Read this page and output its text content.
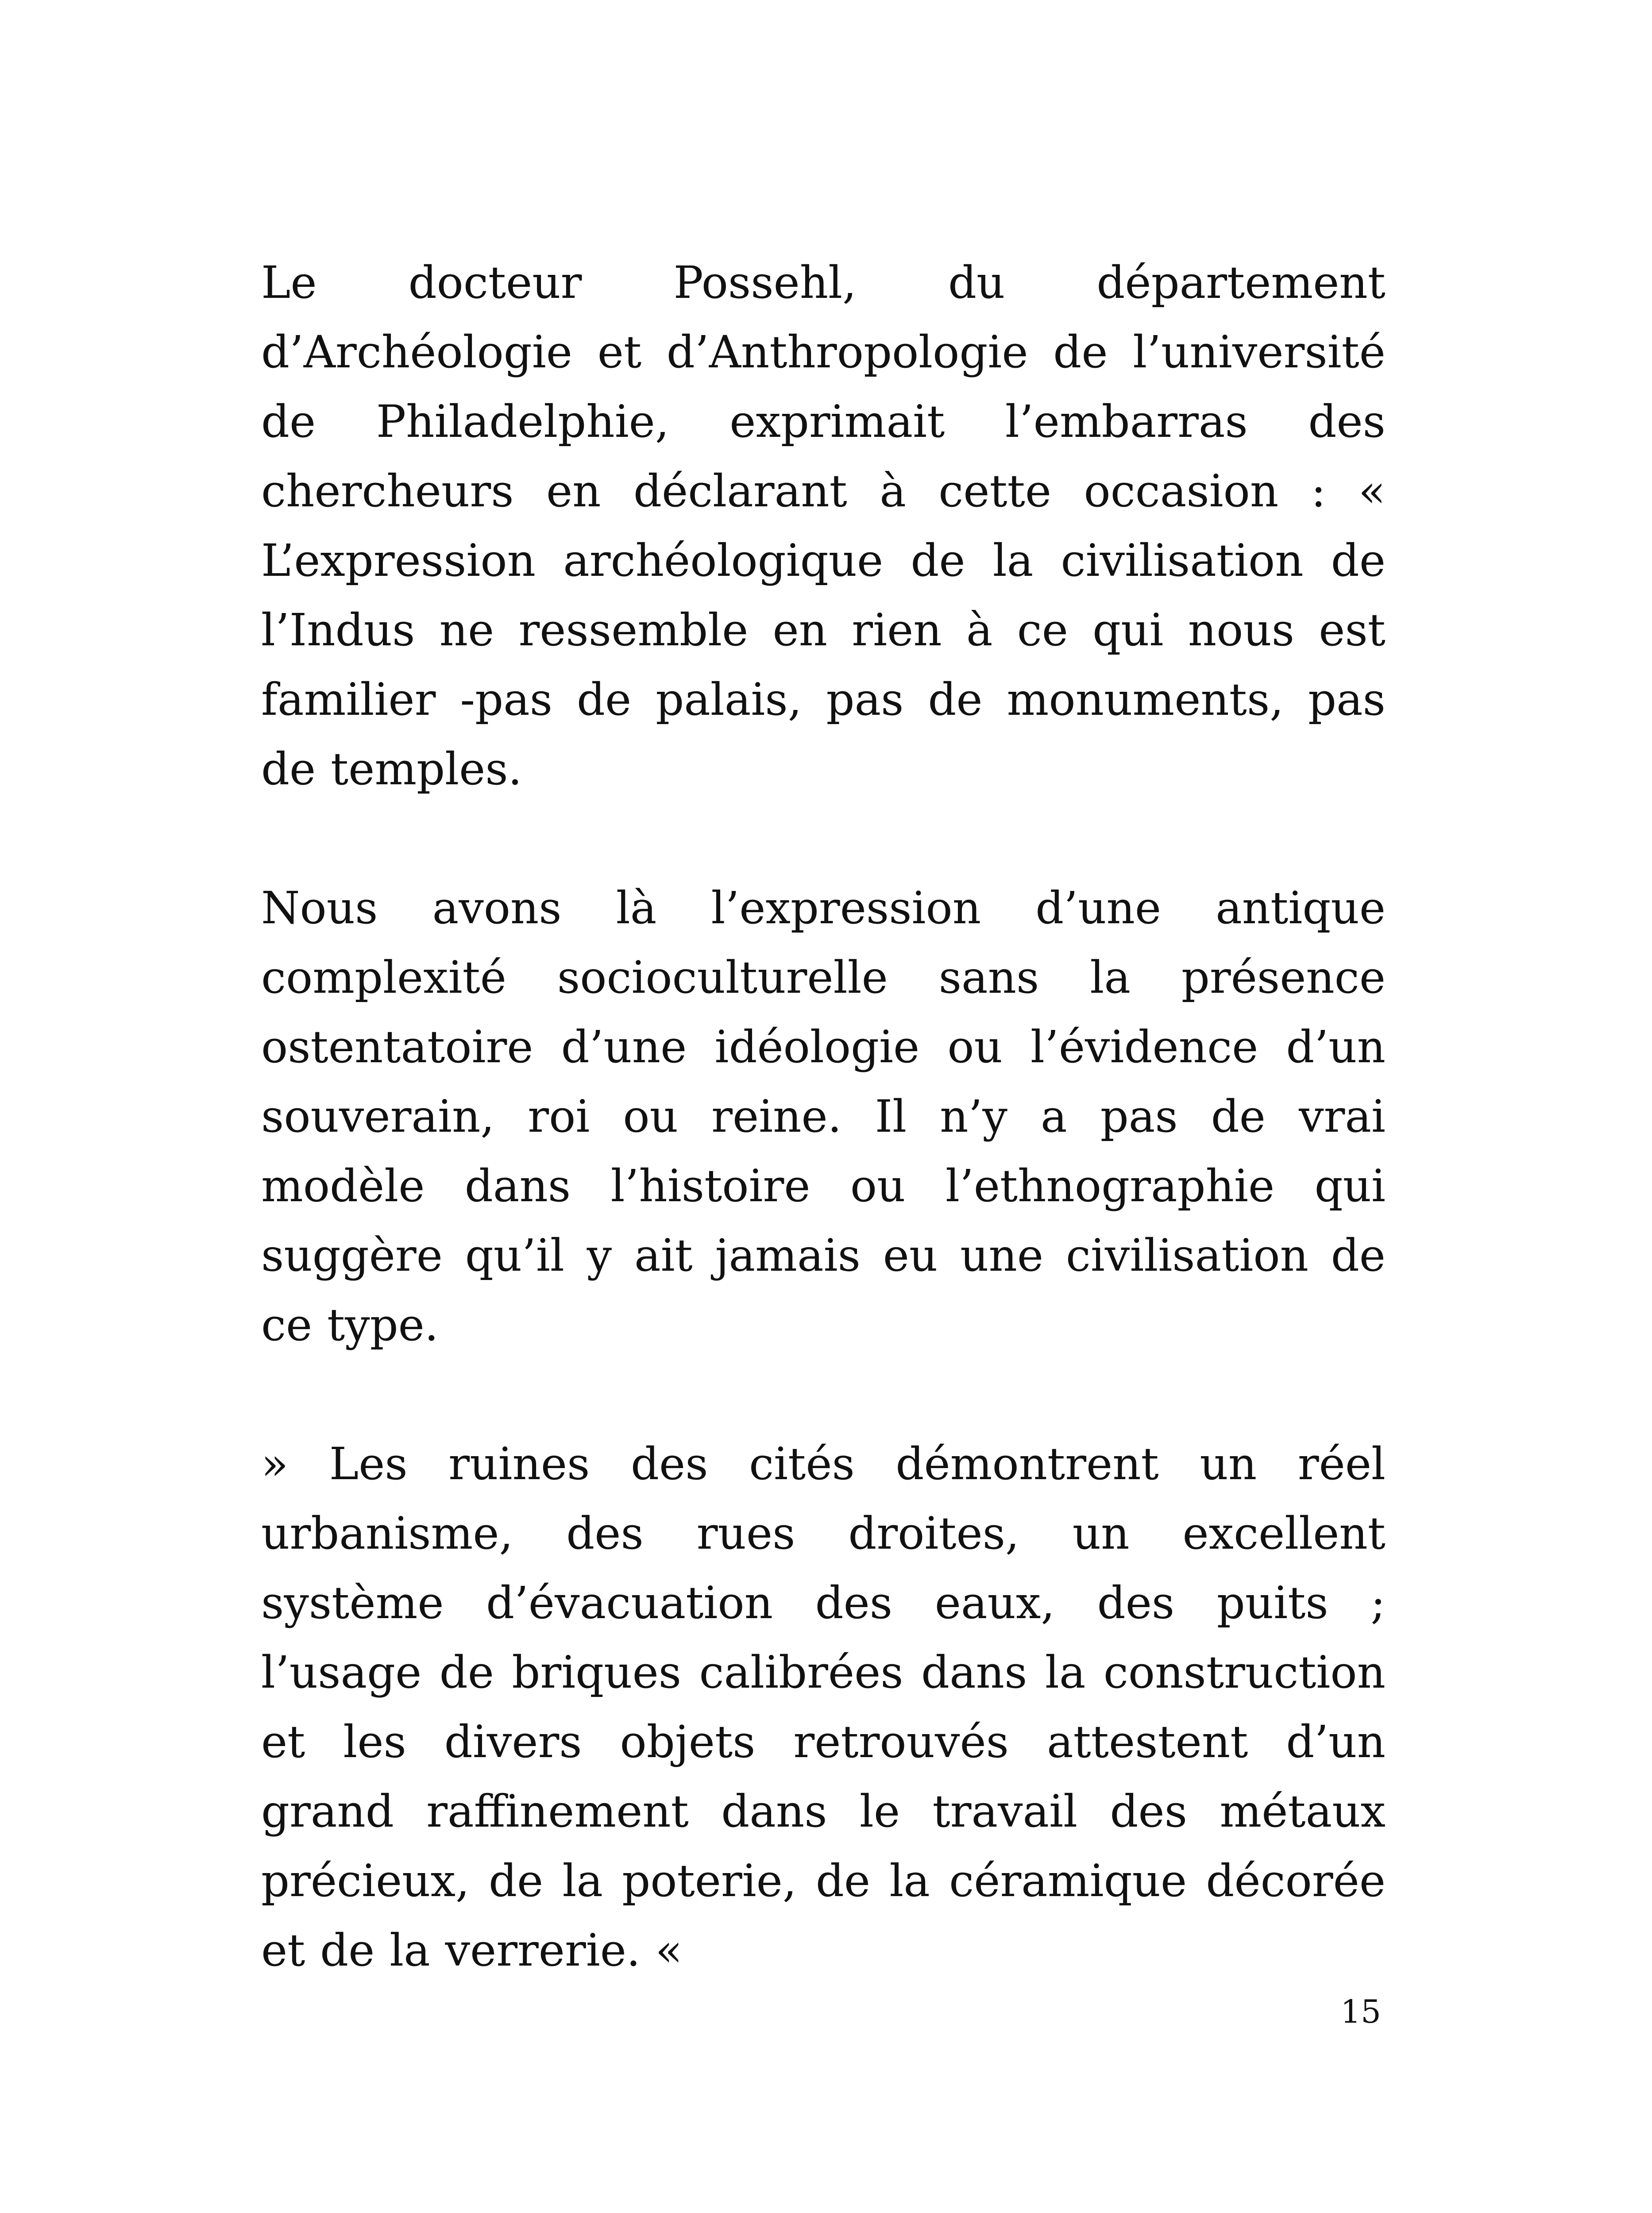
Le docteur Possehl, du département d’Archéologie et d’Anthropologie de l’université de Philadelphie, exprimait l’embarras des chercheurs en déclarant à cette occasion : « L’expression archéologique de la civilisation de l’Indus ne ressemble en rien à ce qui nous est familier -pas de palais, pas de monuments, pas de temples.

Nous avons là l’expression d’une antique complexité socioculturelle sans la présence ostentatoire d’une idéologie ou l’évidence d’un souverain, roi ou reine. Il n’y a pas de vrai modèle dans l’histoire ou l’ethnographie qui suggère qu’il y ait jamais eu une civilisation de ce type.

» Les ruines des cités démontrent un réel urbanisme, des rues droites, un excellent système d’évacuation des eaux, des puits ; l’usage de briques calibrées dans la construction et les divers objets retrouvés attestent d’un grand raffinement dans le travail des métaux précieux, de la poterie, de la céramique décorée et de la verrerie. «

15
